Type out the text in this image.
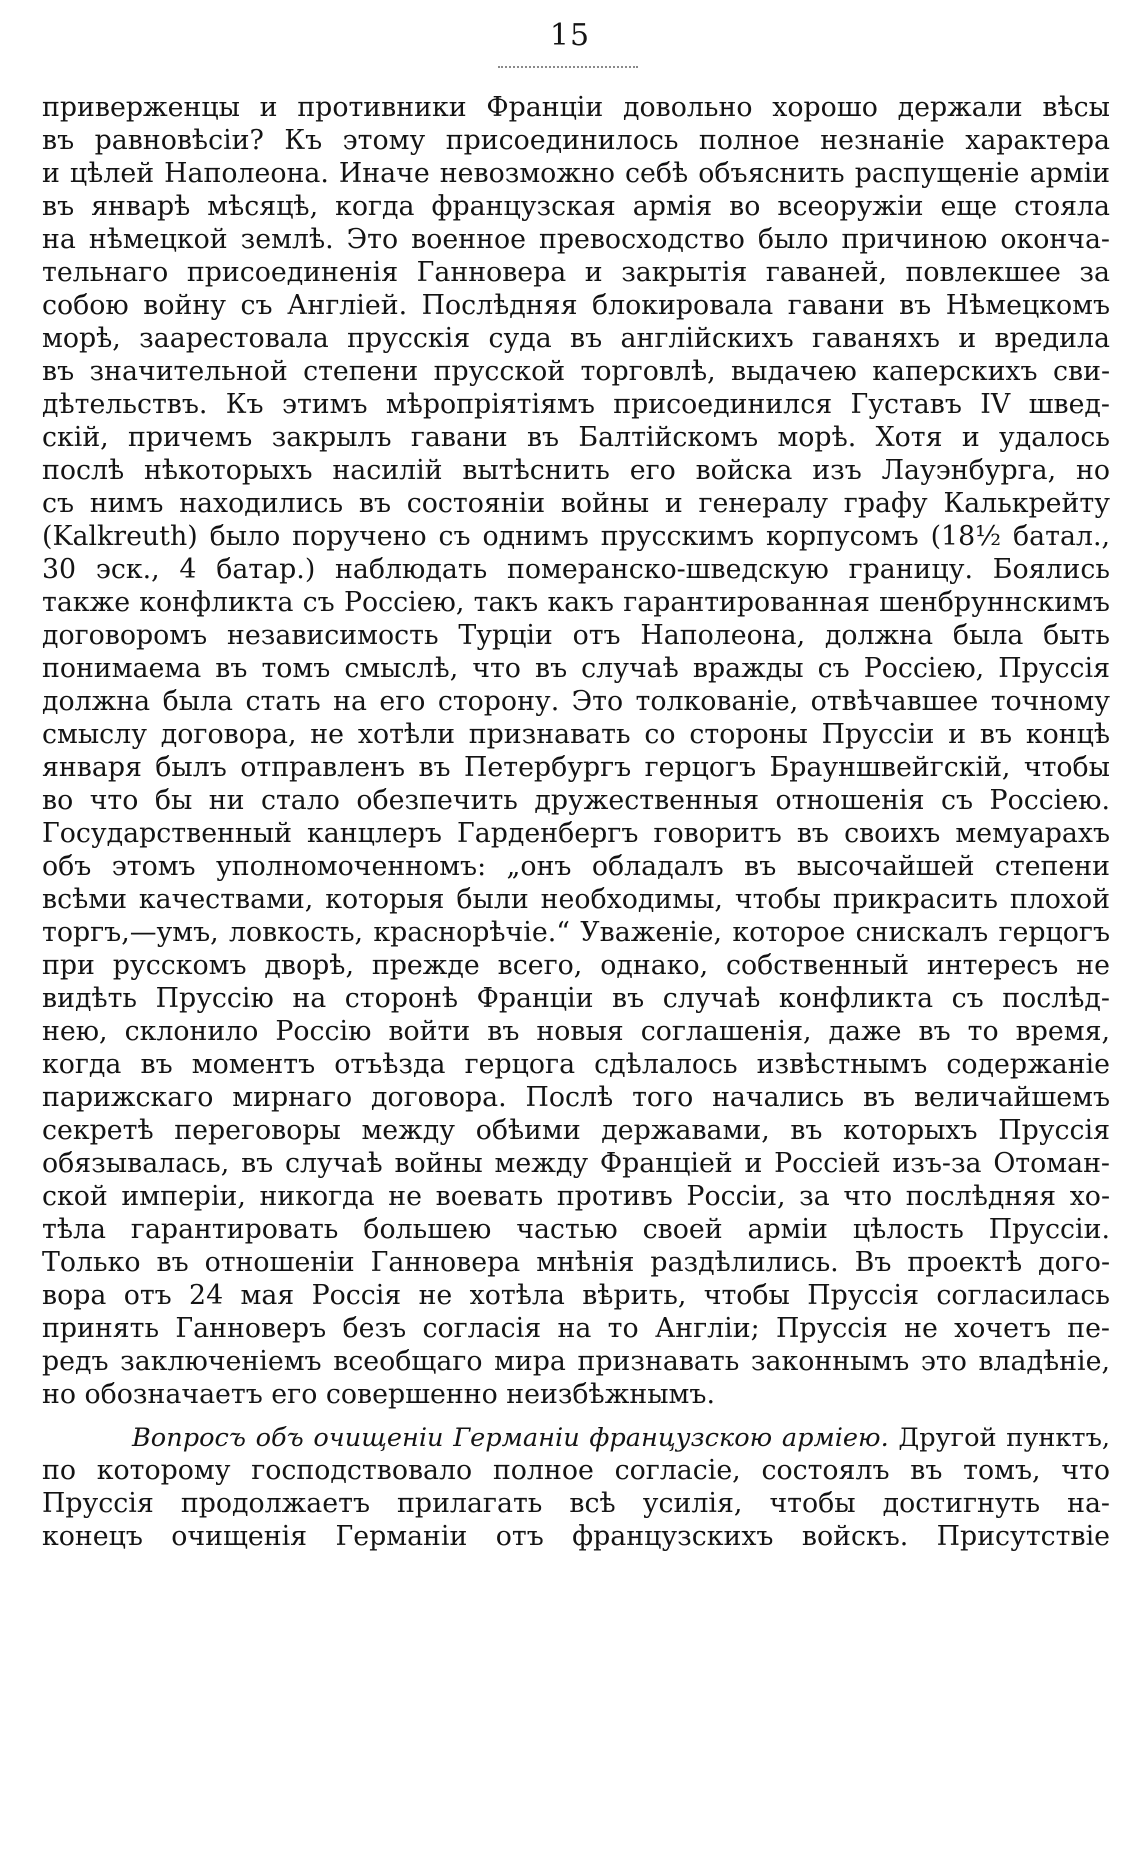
15
приверженцы и противники Франціи довольно хорошо держали вѣсы
въ равновѣсіи? Къ этому присоединилось полное незнаніе характера
и цѣлей Наполеона. Иначе невозможно себѣ объяснить распущеніе арміи
въ январѣ мѣсяцѣ, когда французская армія во всеоружіи еще стояла
на нѣмецкой землѣ. Это военное превосходство было причиною оконча-
тельнаго присоединенія Ганновера и закрытія гаваней, повлекшее за
собою войну съ Англіей. Послѣдняя блокировала гавани въ Нѣмецкомъ
морѣ, заарестовала прусскія суда въ англійскихъ гаваняхъ и вредила
въ значительной степени прусской торговлѣ, выдачею каперскихъ сви-
дѣтельствъ. Къ этимъ мѣропріятіямъ присоединился Густавъ IV швед-
скій, причемъ закрылъ гавани въ Балтійскомъ морѣ. Хотя и удалось
послѣ нѣкоторыхъ насилій вытѣснить его войска изъ Лауэнбурга, но
съ нимъ находились въ состояніи войны и генералу графу Калькрейту
(Kalkreuth) было поручено съ однимъ прусскимъ корпусомъ (18½ батал.,
30 эск., 4 батар.) наблюдать померанско-шведскую границу. Боялись
также конфликта съ Россіею, такъ какъ гарантированная шенбруннскимъ
договоромъ независимость Турціи отъ Наполеона, должна была быть
понимаема въ томъ смыслѣ, что въ случаѣ вражды съ Россіею, Пруссія
должна была стать на его сторону. Это толкованіе, отвѣчавшее точному
смыслу договора, не хотѣли признавать со стороны Пруссіи и въ концѣ
января былъ отправленъ въ Петербургъ герцогъ Брауншвейгскій, чтобы
во что бы ни стало обезпечить дружественныя отношенія съ Россіею.
Государственный канцлеръ Гарденбергъ говоритъ въ своихъ мемуарахъ
объ этомъ уполномоченномъ: „онъ обладалъ въ высочайшей степени
всѣми качествами, которыя были необходимы, чтобы прикрасить плохой
торгъ,—умъ, ловкость, краснорѣчіе.“ Уваженіе, которое снискалъ герцогъ
при русскомъ дворѣ, прежде всего, однако, собственный интересъ не
видѣть Пруссію на сторонѣ Франціи въ случаѣ конфликта съ послѣд-
нею, склонило Россію войти въ новыя соглашенія, даже въ то время,
когда въ моментъ отъѣзда герцога сдѣлалось извѣстнымъ содержаніе
парижскаго мирнаго договора. Послѣ того начались въ величайшемъ
секретѣ переговоры между обѣими державами, въ которыхъ Пруссія
обязывалась, въ случаѣ войны между Франціей и Россіей изъ-за Отоман-
ской имперіи, никогда не воевать противъ Россіи, за что послѣдняя хо-
тѣла гарантировать большею частью своей арміи цѣлость Пруссіи.
Только въ отношеніи Ганновера мнѣнія раздѣлились. Въ проектѣ дого-
вора отъ 24 мая Россія не хотѣла вѣрить, чтобы Пруссія согласилась
принять Ганноверъ безъ согласія на то Англіи; Пруссія не хочетъ пе-
редъ заключеніемъ всеобщаго мира признавать законнымъ это владѣніе,
но обозначаетъ его совершенно неизбѣжнымъ.
Вопросъ объ очищеніи Германіи французскою арміею. Другой пунктъ,
по которому господствовало полное согласіе, состоялъ въ томъ, что
Пруссія продолжаетъ прилагать всѣ усилія, чтобы достигнуть на-
конецъ очищенія Германіи отъ французскихъ войскъ. Присутствіе
